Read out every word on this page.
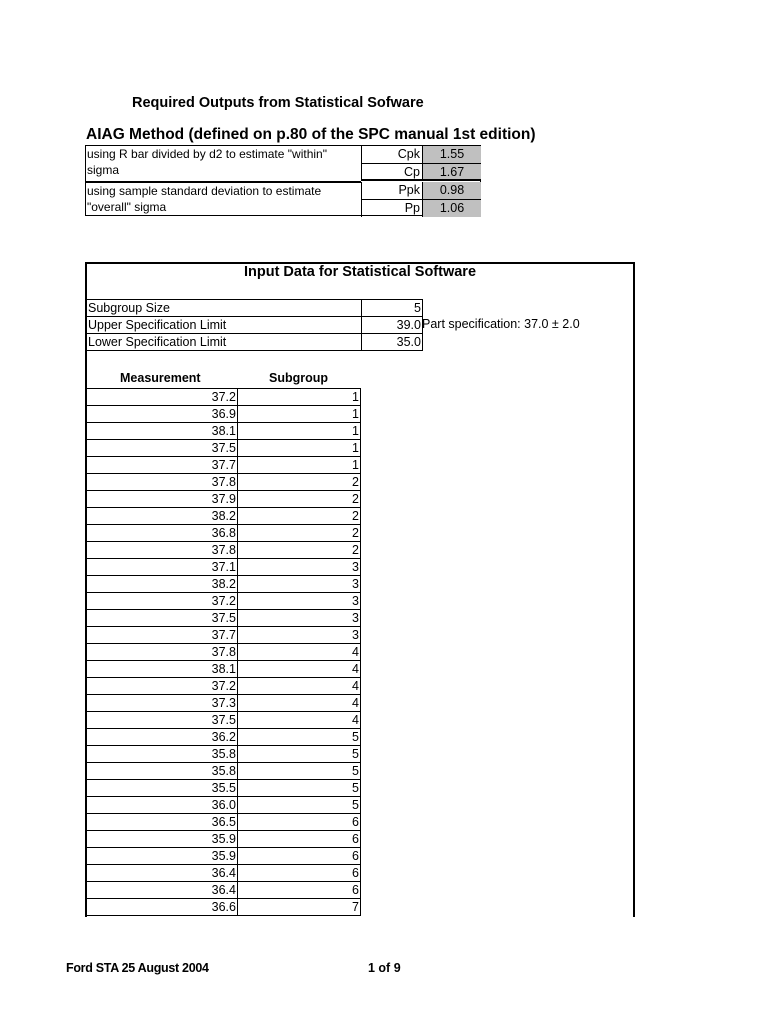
Required Outputs from Statistical Sofware
AIAG Method (defined on p.80 of the SPC manual 1st edition)
using R bar divided by d2 to estimate "within" sigma
using sample standard deviation to estimate "overall" sigma
Cpk	1.55
Cp	1.67
Ppk	0.98
Pp	1.06
Input Data for Statistical Software
Subgroup Size	5
Upper Specification Limit	39.0
Lower Specification Limit	35.0
Part specification: 37.0 ± 2.0
Measurement	Subgroup
37.2	1
36.9	1
38.1	1
37.5	1
37.7	1
37.8	2
37.9	2
38.2	2
36.8	2
37.8	2
37.1	3
38.2	3
37.2	3
37.5	3
37.7	3
37.8	4
38.1	4
37.2	4
37.3	4
37.5	4
36.2	5
35.8	5
35.8	5
35.5	5
36.0	5
36.5	6
35.9	6
35.9	6
36.4	6
36.4	6
36.6	7
Ford STA 25 August 2004	1 of 9
